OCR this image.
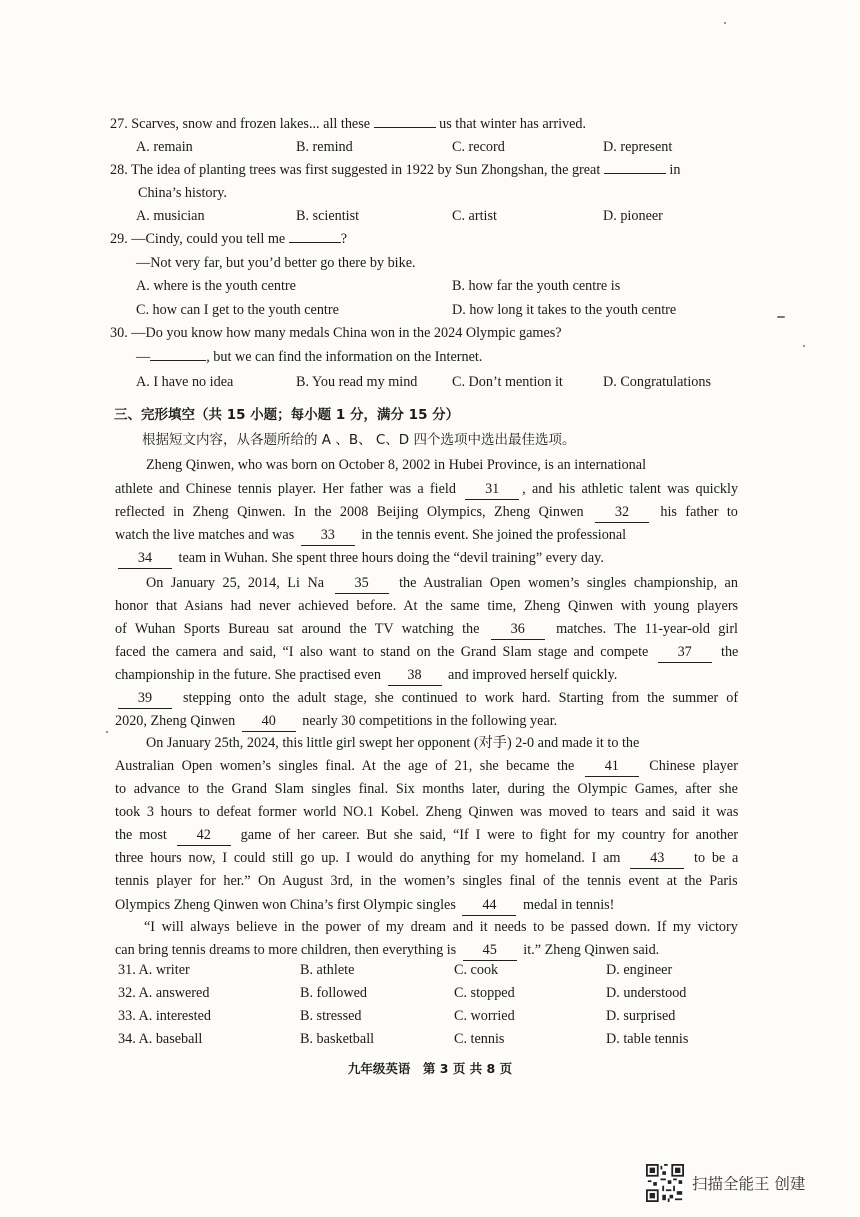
27. Scarves, snow and frozen lakes... all these	us that winter has arrived.
A. remain	B. remind	C. record	D. represent
28. The idea of planting trees was first suggested in 1922 by Sun Zhongshan, the great	in
China’s history.
A. musician	B. scientist	C. artist	D. pioneer
29. —Cindy, could you tell me	?
—Not very far, but you’d better go there by bike.
A. where is the youth centre	B. how far the youth centre is
C. how can I get to the youth centre	D. how long it takes to the youth centre
30. —Do you know how many medals China won in the 2024 Olympic games?
—	, but we can find the information on the Internet.
A. I have no idea	B. You read my mind C. Don’t mention it	D. Congratulations
三、完形填空（共 15 小题；每小题 1 分，满分 15 分）
根据短文内容，从各题所给的 A 、B、 C、D 四个选项中选出最佳选项。
Zheng Qinwen, who was born on October 8, 2002 in Hubei Province, is an international
athlete and Chinese tennis player. Her father was a field 31 , and his athletic talent was quickly
reflected in Zheng Qinwen. In the 2008 Beijing Olympics, Zheng Qinwen 32 his father to
watch the live matches and was 33 in the tennis event. She joined the professional
34 team in Wuhan. She spent three hours doing the “devil training” every day.
On January 25, 2014, Li Na 35 the Australian Open women’s singles championship, an
honor that Asians had never achieved before. At the same time, Zheng Qinwen with young players
of Wuhan Sports Bureau sat around the TV watching the 36 matches. The 11-year-old girl
faced the camera and said, “I also want to stand on the Grand Slam stage and compete 37 the
championship in the future. She practised even 38 and improved herself quickly.
39 stepping onto the adult stage, she continued to work hard. Starting from the summer of
2020, Zheng Qinwen 40 nearly 30 competitions in the following year.
On January 25th, 2024, this little girl swept her opponent (对手) 2-0 and made it to the
Australian Open women’s singles final. At the age of 21, she became the 41 Chinese player
to advance to the Grand Slam singles final. Six months later, during the Olympic Games, after she
took 3 hours to defeat former world NO.1 Kobel. Zheng Qinwen was moved to tears and said it was
the most 42 game of her career. But she said, “If I were to fight for my country for another
three hours now, I could still go up. I would do anything for my homeland. I am 43 to be a
tennis player for her.” On August 3rd, in the women’s singles final of the tennis event at the Paris
Olympics Zheng Qinwen won China’s first Olympic singles 44 medal in tennis!
“I will always believe in the power of my dream and it needs to be passed down. If my victory
can bring tennis dreams to more children, then everything is 45 it.” Zheng Qinwen said.
31. A. writer	B. athlete	C. cook	D. engineer
32. A. answered	B. followed	C. stopped	D. understood
33. A. interested	B. stressed	C. worried	D. surprised
34. A. baseball	B. basketball	C. tennis	D. table tennis
九年级英语　第 3 页 共 8 页
扫描全能王 创建
